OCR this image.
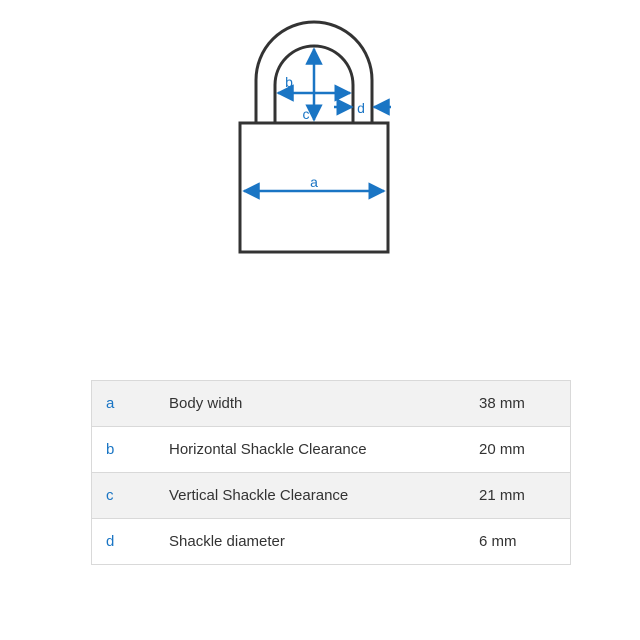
a
b
c	d
a	Body width	38 mm
b	Horizontal Shackle Clearance	20 mm
c	Vertical Shackle Clearance	21 mm
d	Shackle diameter	6 mm
